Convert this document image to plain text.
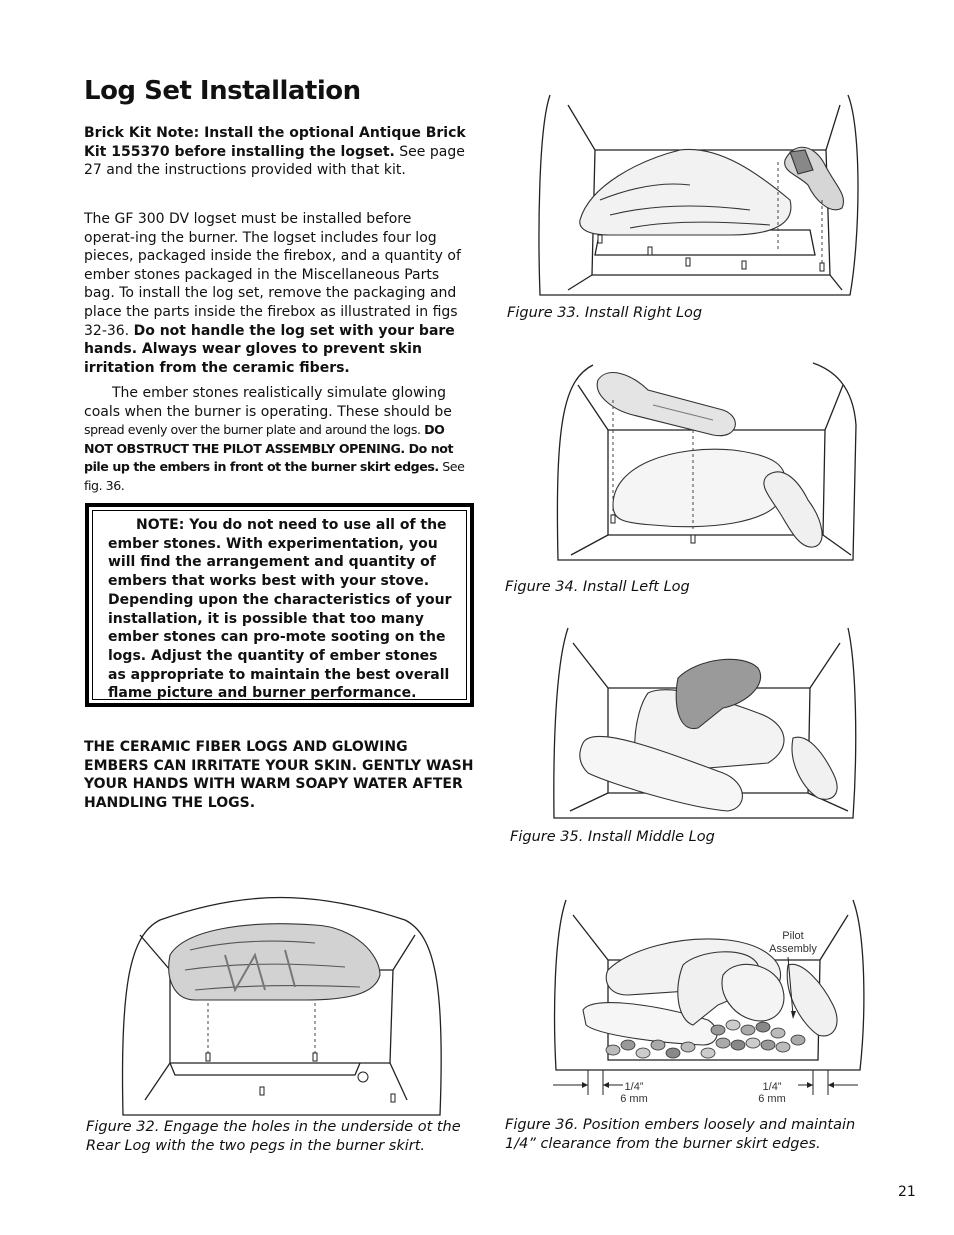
Log Set Installation

Brick Kit Note: Install the optional Antique Brick Kit 155370 before installing the logset. See page 27 and the instructions provided with that kit.

The GF 300 DV logset must be installed before operat-ing the burner. The logset includes four log pieces, packaged inside the firebox, and a quantity of ember stones packaged in the Miscellaneous Parts bag. To install the log set, remove the packaging and place the parts inside the firebox as illustrated in figs 32-36. Do not handle the log set with your bare hands. Always wear gloves to prevent skin irritation from the ceramic fibers.

The ember stones realistically simulate glowing coals when the burner is operating. These should be spread evenly over the burner plate and around the logs. DO NOT OBSTRUCT THE PILOT ASSEMBLY OPENING. Do not pile up the embers in front ot the burner skirt edges. See fig. 36.

NOTE: You do not need to use all of the ember stones. With experimentation, you will find the arrangement and quantity of embers that works best with your stove. Depending upon the characteristics of your installation, it is possible that too many ember stones can pro-mote sooting on the logs. Adjust the quantity of ember stones as appropriate to maintain the best overall flame picture and burner performance.

THE CERAMIC FIBER LOGS AND GLOWING EMBERS CAN IRRITATE YOUR SKIN. GENTLY WASH YOUR HANDS WITH WARM SOAPY WATER AFTER HANDLING THE LOGS.

Figure 33. Install Right Log

Figure 34. Install Left Log

Figure 35. Install Middle Log

Figure 32. Engage the holes in the underside ot the Rear Log with the two pegs in the burner skirt.

Pilot
Assembly
1/4”
6 mm
1/4”
6 mm

Figure 36. Position embers loosely and maintain 1/4” clearance from the burner skirt edges.

21
